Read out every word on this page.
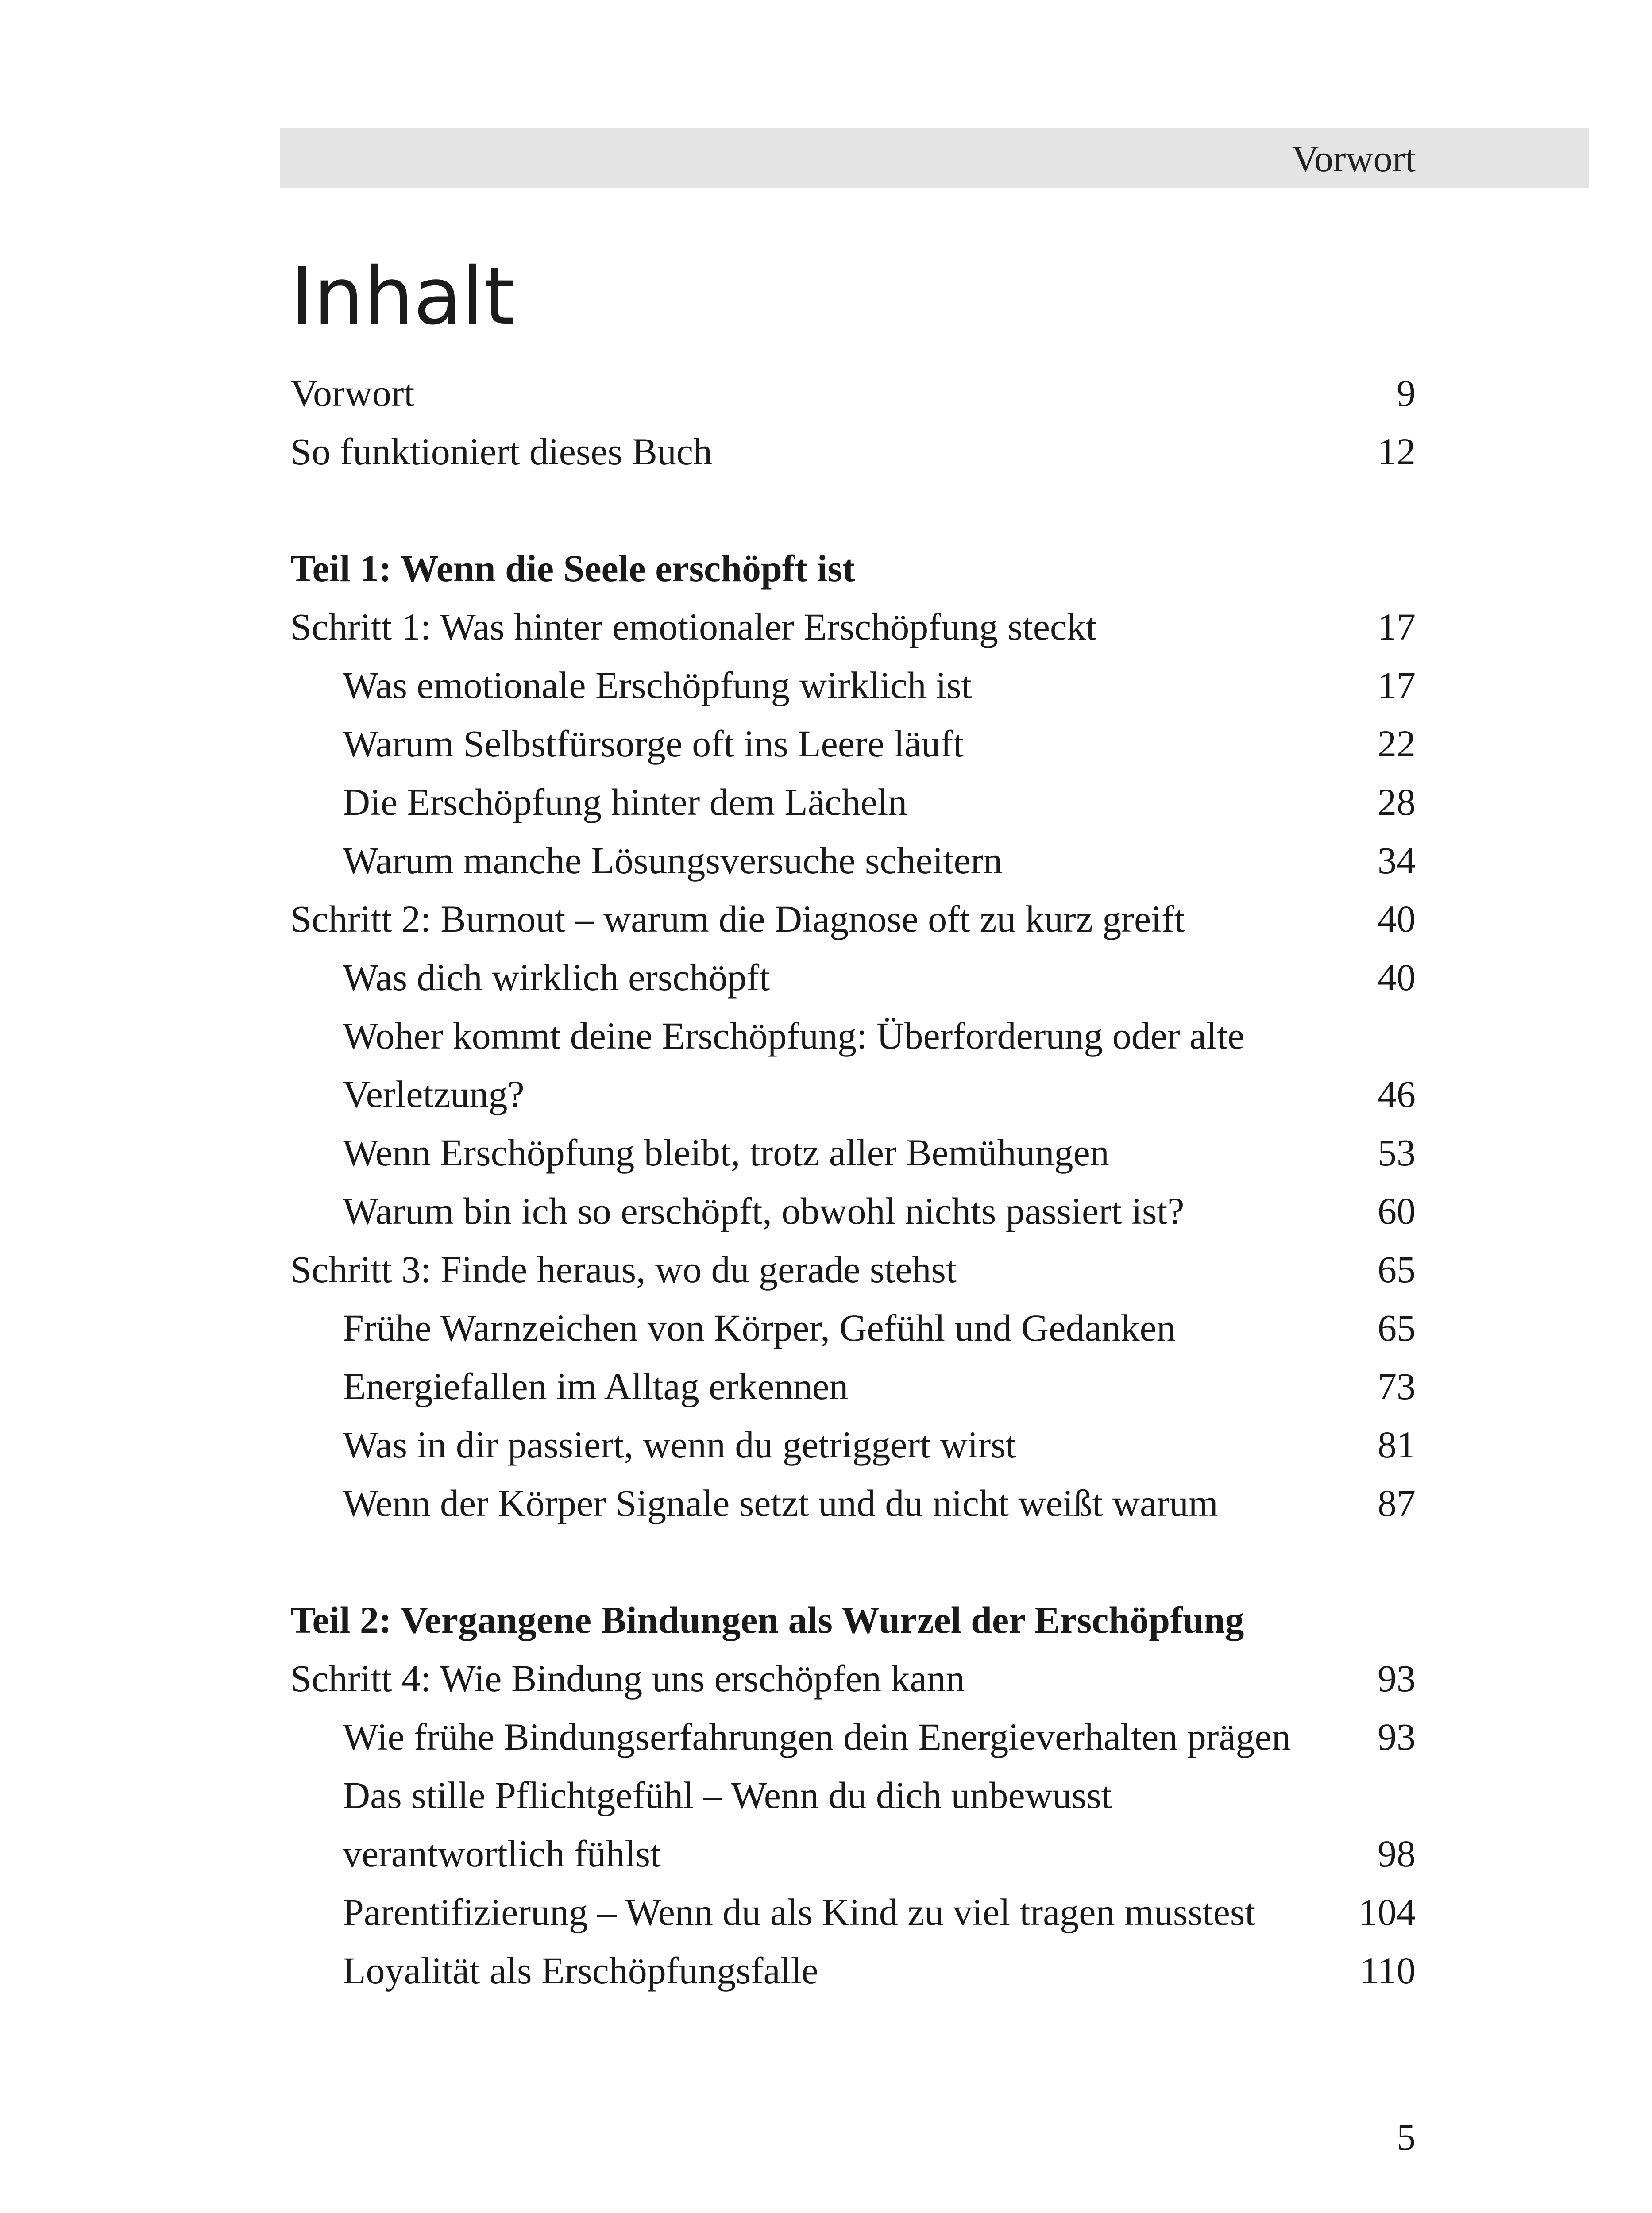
Vorwort
Inhalt
Vorwort	9
So funktioniert dieses Buch	12
Teil 1: Wenn die Seele erschöpft ist
Schritt 1: Was hinter emotionaler Erschöpfung steckt	17
Was emotionale Erschöpfung wirklich ist	17
Warum Selbstfürsorge oft ins Leere läuft	22
Die Erschöpfung hinter dem Lächeln	28
Warum manche Lösungsversuche scheitern	34
Schritt 2: Burnout – warum die Diagnose oft zu kurz greift	40
Was dich wirklich erschöpft	40
Woher kommt deine Erschöpfung: Überforderung oder alte Verletzung?	46
Wenn Erschöpfung bleibt, trotz aller Bemühungen	53
Warum bin ich so erschöpft, obwohl nichts passiert ist?	60
Schritt 3: Finde heraus, wo du gerade stehst	65
Frühe Warnzeichen von Körper, Gefühl und Gedanken	65
Energiefallen im Alltag erkennen	73
Was in dir passiert, wenn du getriggert wirst	81
Wenn der Körper Signale setzt und du nicht weißt warum	87
Teil 2: Vergangene Bindungen als Wurzel der Erschöpfung
Schritt 4: Wie Bindung uns erschöpfen kann	93
Wie frühe Bindungserfahrungen dein Energieverhalten prägen	93
Das stille Pflichtgefühl – Wenn du dich unbewusst verantwortlich fühlst	98
Parentifizierung – Wenn du als Kind zu viel tragen musstest	104
Loyalität als Erschöpfungsfalle	110
5
